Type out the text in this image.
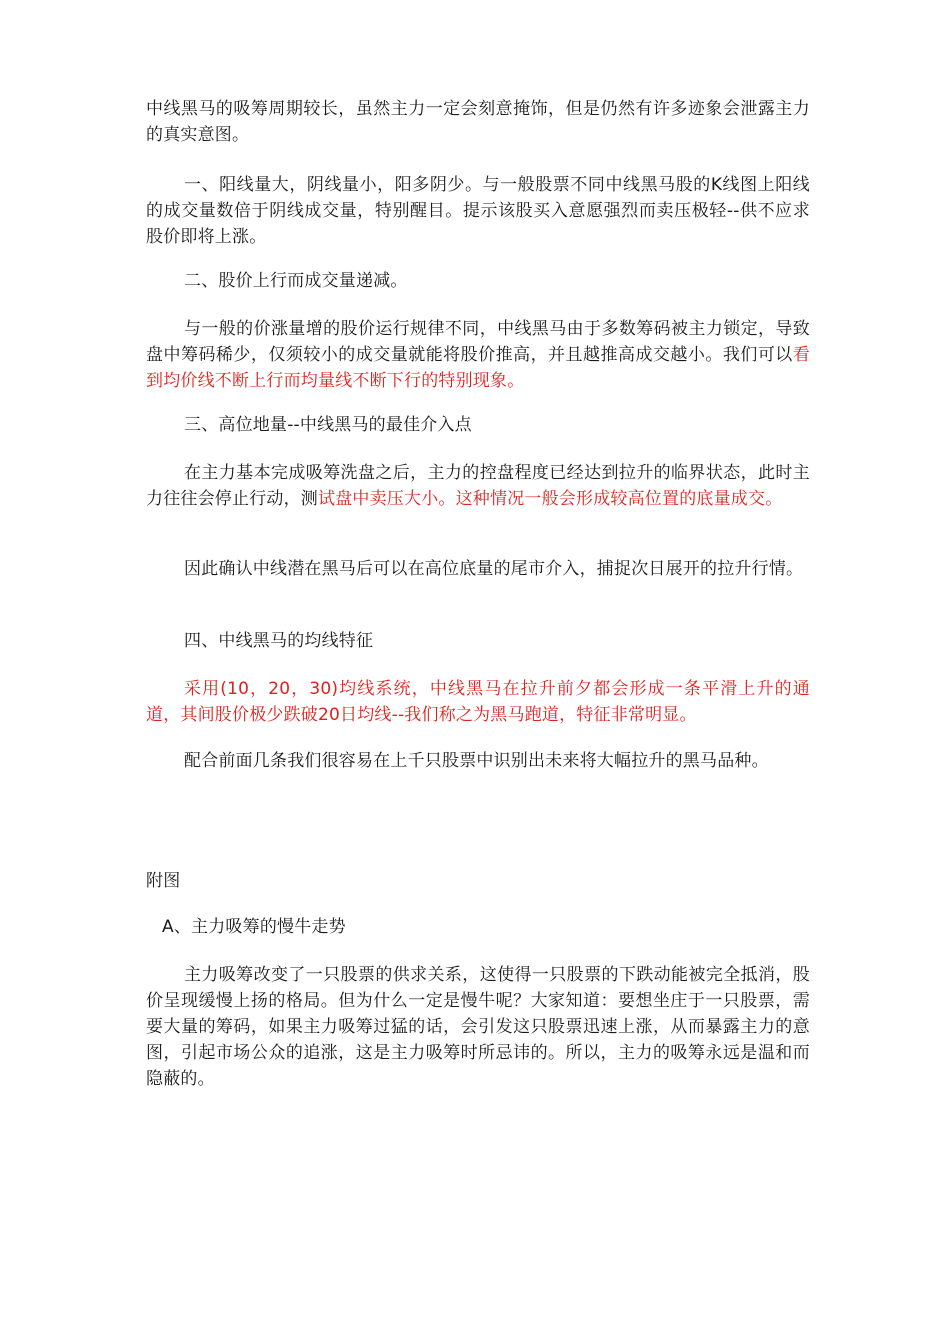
中线黑马的吸筹周期较长，虽然主力一定会刻意掩饰，但是仍然有许多迹象会泄露主力的真实意图。

一、阳线量大，阴线量小，阳多阴少。与一般股票不同中线黑马股的K线图上阳线的成交量数倍于阴线成交量，特别醒目。提示该股买入意愿强烈而卖压极轻--供不应求股价即将上涨。

二、股价上行而成交量递减。

与一般的价涨量增的股价运行规律不同，中线黑马由于多数筹码被主力锁定，导致盘中筹码稀少，仅须较小的成交量就能将股价推高，并且越推高成交越小。我们可以看到均价线不断上行而均量线不断下行的特别现象。

三、高位地量--中线黑马的最佳介入点

在主力基本完成吸筹洗盘之后，主力的控盘程度已经达到拉升的临界状态，此时主力往往会停止行动，测试盘中卖压大小。这种情况一般会形成较高位置的底量成交。

因此确认中线潜在黑马后可以在高位底量的尾市介入，捕捉次日展开的拉升行情。

四、中线黑马的均线特征

采用(10，20，30)均线系统，中线黑马在拉升前夕都会形成一条平滑上升的通道，其间股价极少跌破20日均线--我们称之为黑马跑道，特征非常明显。

配合前面几条我们很容易在上千只股票中识别出未来将大幅拉升的黑马品种。

附图

A、主力吸筹的慢牛走势

主力吸筹改变了一只股票的供求关系，这使得一只股票的下跌动能被完全抵消，股价呈现缓慢上扬的格局。但为什么一定是慢牛呢？大家知道：要想坐庄于一只股票，需要大量的筹码，如果主力吸筹过猛的话，会引发这只股票迅速上涨，从而暴露主力的意图，引起市场公众的追涨，这是主力吸筹时所忌讳的。所以，主力的吸筹永远是温和而隐蔽的。
